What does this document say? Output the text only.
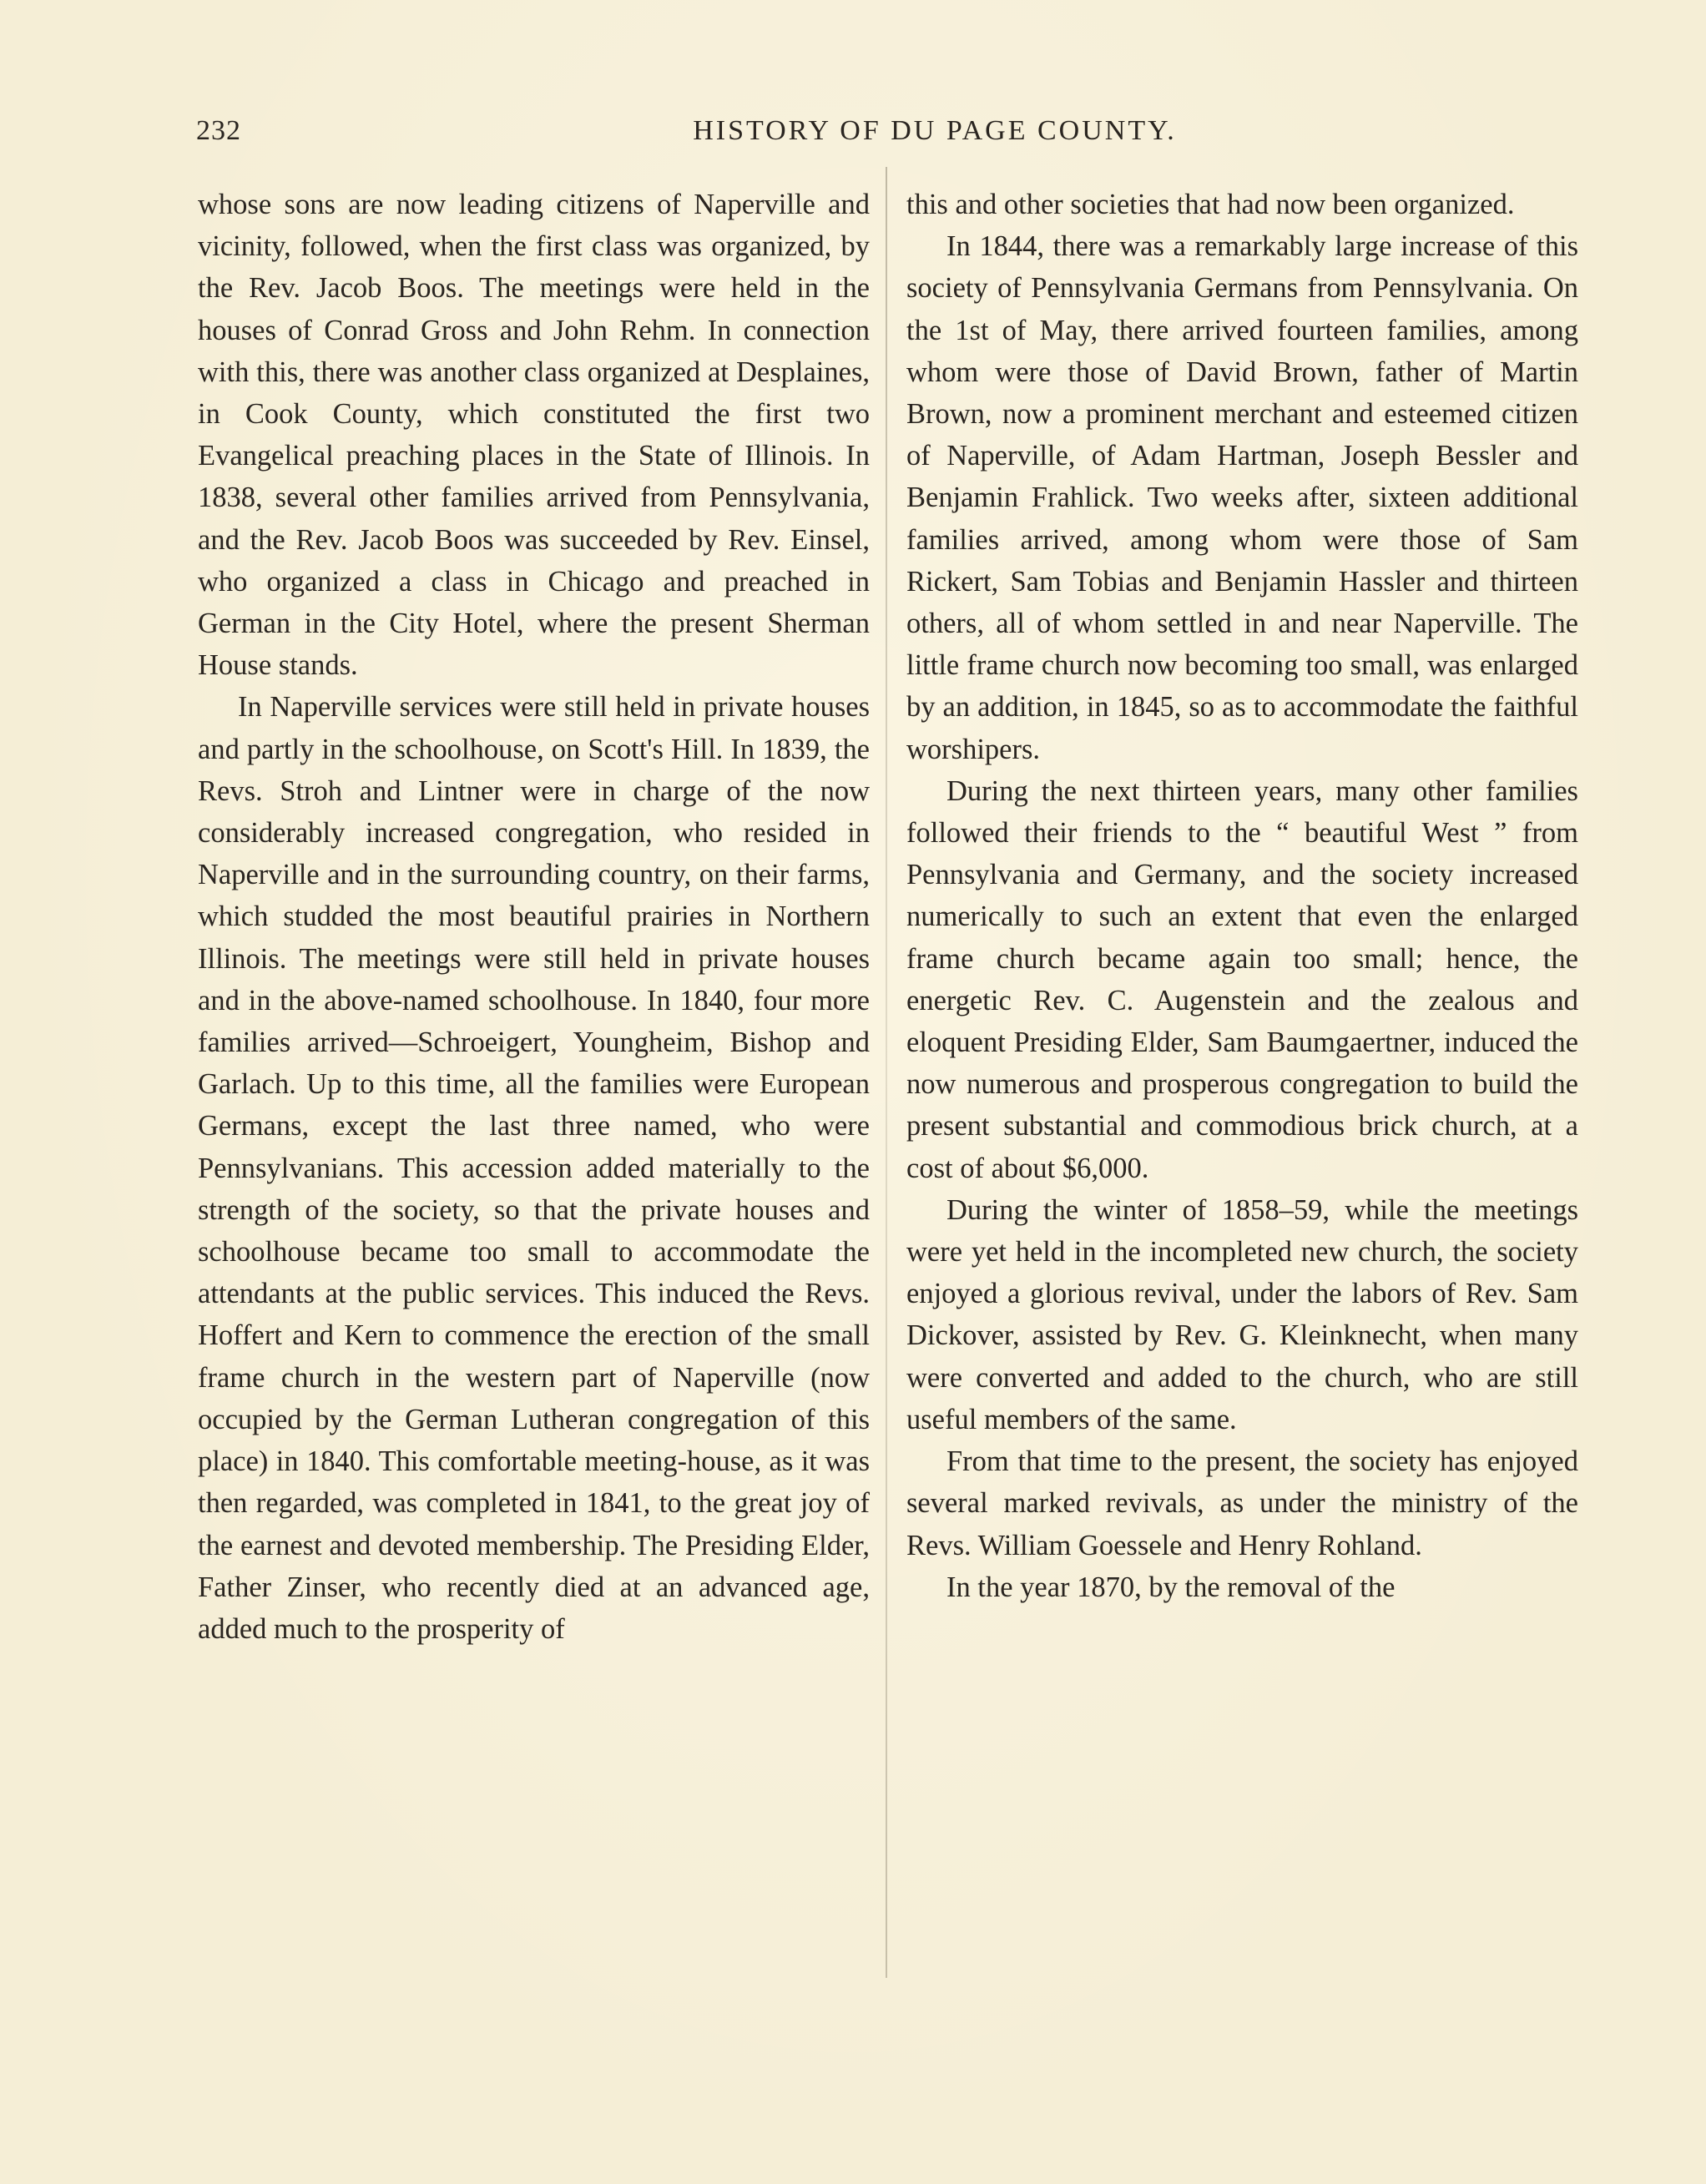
232	HISTORY OF DU PAGE COUNTY.

whose sons are now leading citizens of Naperville and vicinity, followed, when the first class was organized, by the Rev. Jacob Boos. The meetings were held in the houses of Conrad Gross and John Rehm. In connection with this, there was another class organized at Desplaines, in Cook County, which constituted the first two Evangelical preaching places in the State of Illinois. In 1838, several other families arrived from Pennsylvania, and the Rev. Jacob Boos was succeeded by Rev. Einsel, who organized a class in Chicago and preached in German in the City Hotel, where the present Sherman House stands.

In Naperville services were still held in private houses and partly in the schoolhouse, on Scott's Hill. In 1839, the Revs. Stroh and Lintner were in charge of the now considerably increased congregation, who resided in Naperville and in the surrounding country, on their farms, which studded the most beautiful prairies in Northern Illinois. The meetings were still held in private houses and in the above-named schoolhouse. In 1840, four more families arrived—Schroeigert, Youngheim, Bishop and Garlach. Up to this time, all the families were European Germans, except the last three named, who were Pennsylvanians. This accession added materially to the strength of the society, so that the private houses and schoolhouse became too small to accommodate the attendants at the public services. This induced the Revs. Hoffert and Kern to commence the erection of the small frame church in the western part of Naperville (now occupied by the German Lutheran congregation of this place) in 1840. This comfortable meeting-house, as it was then regarded, was completed in 1841, to the great joy of the earnest and devoted membership. The Presiding Elder, Father Zinser, who recently died at an advanced age, added much to the prosperity of

this and other societies that had now been organized.

In 1844, there was a remarkably large increase of this society of Pennsylvania Germans from Pennsylvania. On the 1st of May, there arrived fourteen families, among whom were those of David Brown, father of Martin Brown, now a prominent merchant and esteemed citizen of Naperville, of Adam Hartman, Joseph Bessler and Benjamin Frahlick. Two weeks after, sixteen additional families arrived, among whom were those of Sam Rickert, Sam Tobias and Benjamin Hassler and thirteen others, all of whom settled in and near Naperville. The little frame church now becoming too small, was enlarged by an addition, in 1845, so as to accommodate the faithful worshipers.

During the next thirteen years, many other families followed their friends to the “ beautiful West ” from Pennsylvania and Germany, and the society increased numerically to such an extent that even the enlarged frame church became again too small; hence, the energetic Rev. C. Augenstein and the zealous and eloquent Presiding Elder, Sam Baumgaertner, induced the now numerous and prosperous congregation to build the present substantial and commodious brick church, at a cost of about $6,000.

During the winter of 1858–59, while the meetings were yet held in the incompleted new church, the society enjoyed a glorious revival, under the labors of Rev. Sam Dickover, assisted by Rev. G. Kleinknecht, when many were converted and added to the church, who are still useful members of the same.

From that time to the present, the society has enjoyed several marked revivals, as under the ministry of the Revs. William Goessele and Henry Rohland.

In the year 1870, by the removal of the
